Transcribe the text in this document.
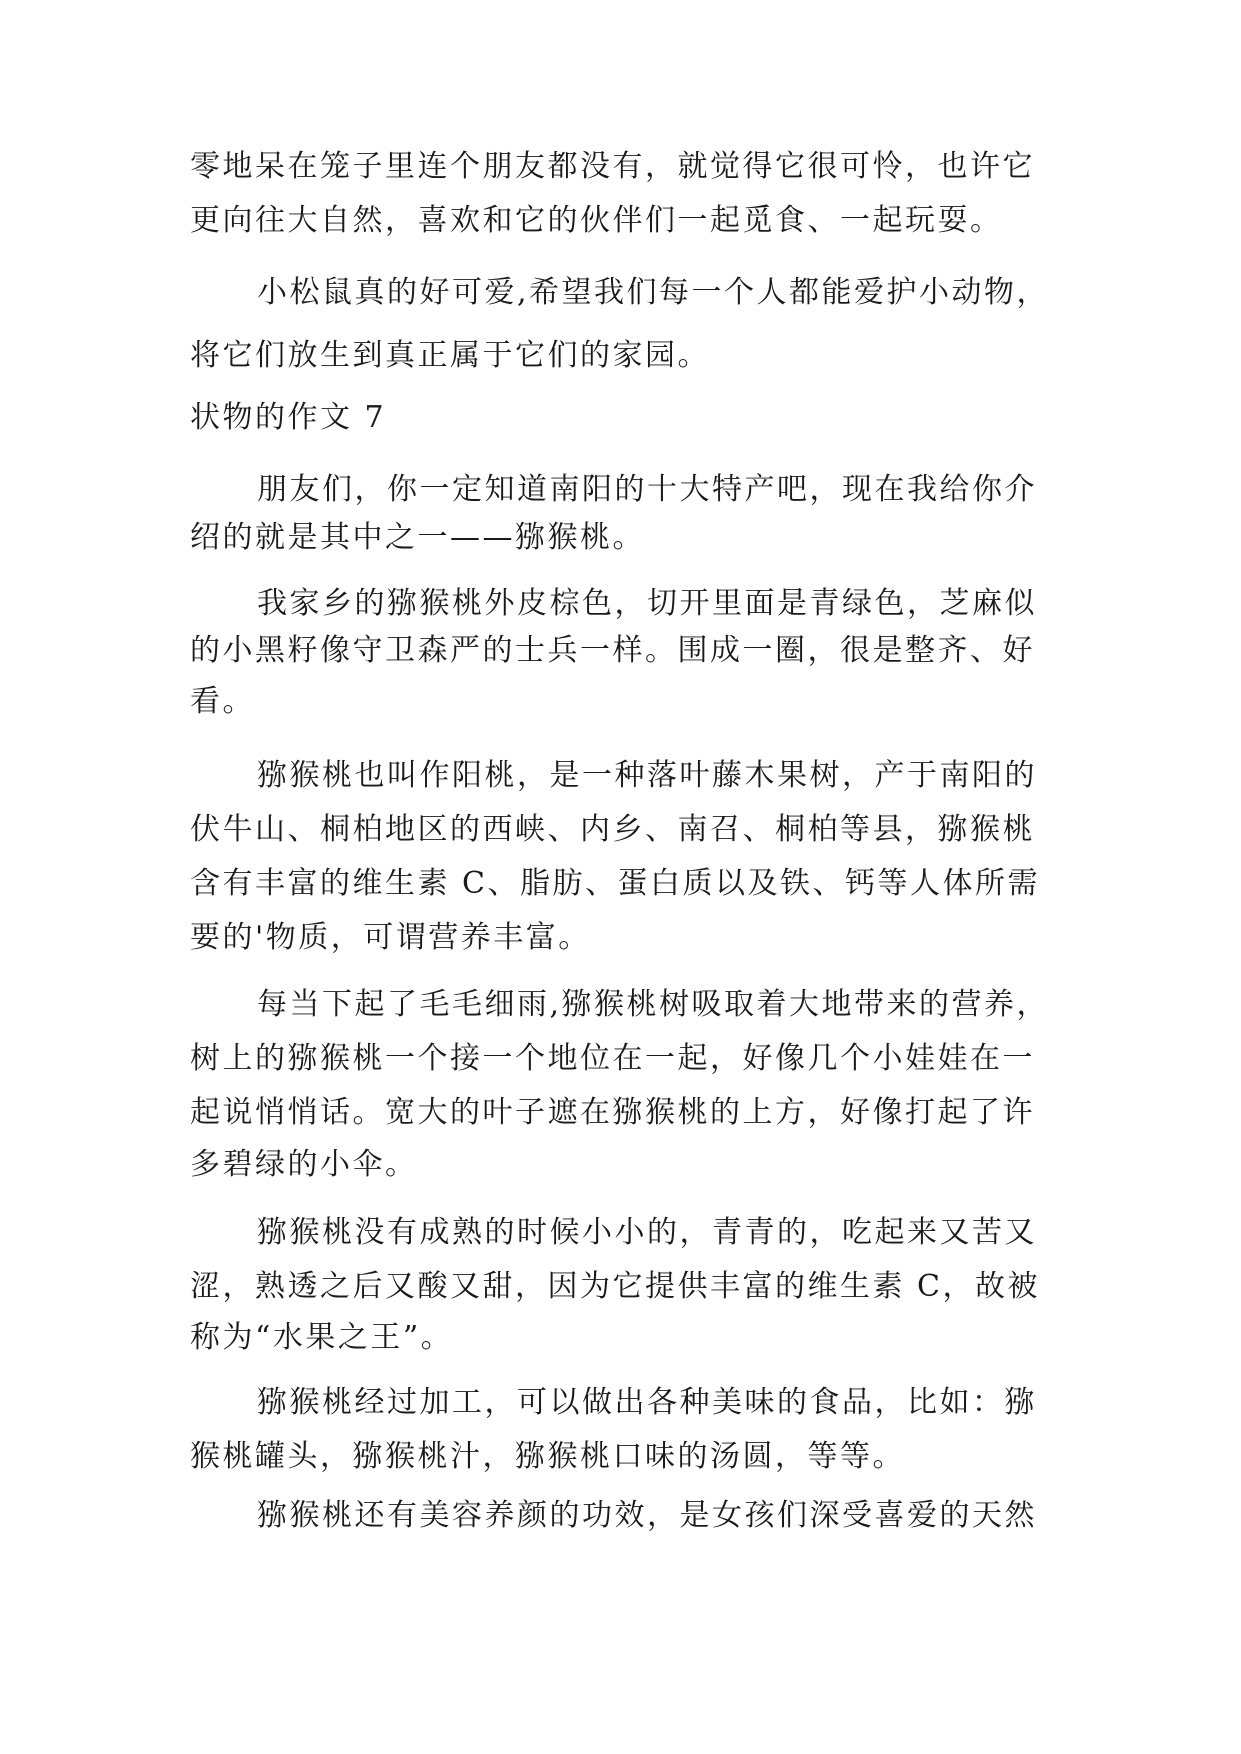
零地呆在笼子里连个朋友都没有，就觉得它很可怜，也许它
更向往大自然，喜欢和它的伙伴们一起觅食、一起玩耍。
小松鼠真的好可爱,希望我们每一个人都能爱护小动物，
将它们放生到真正属于它们的家园。
状物的作文 7
朋友们，你一定知道南阳的十大特产吧，现在我给你介
绍的就是其中之一——猕猴桃。
我家乡的猕猴桃外皮棕色，切开里面是青绿色，芝麻似
的小黑籽像守卫森严的士兵一样。围成一圈，很是整齐、好
看。
猕猴桃也叫作阳桃，是一种落叶藤木果树，产于南阳的
伏牛山、桐柏地区的西峡、内乡、南召、桐柏等县，猕猴桃
含有丰富的维生素 C、脂肪、蛋白质以及铁、钙等人体所需
要的'物质，可谓营养丰富。
每当下起了毛毛细雨,猕猴桃树吸取着大地带来的营养，
树上的猕猴桃一个接一个地位在一起，好像几个小娃娃在一
起说悄悄话。宽大的叶子遮在猕猴桃的上方，好像打起了许
多碧绿的小伞。
猕猴桃没有成熟的时候小小的，青青的，吃起来又苦又
涩，熟透之后又酸又甜，因为它提供丰富的维生素 C，故被
称为“水果之王”。
猕猴桃经过加工，可以做出各种美味的食品，比如：猕
猴桃罐头，猕猴桃汁，猕猴桃口味的汤圆，等等。
猕猴桃还有美容养颜的功效，是女孩们深受喜爱的天然
